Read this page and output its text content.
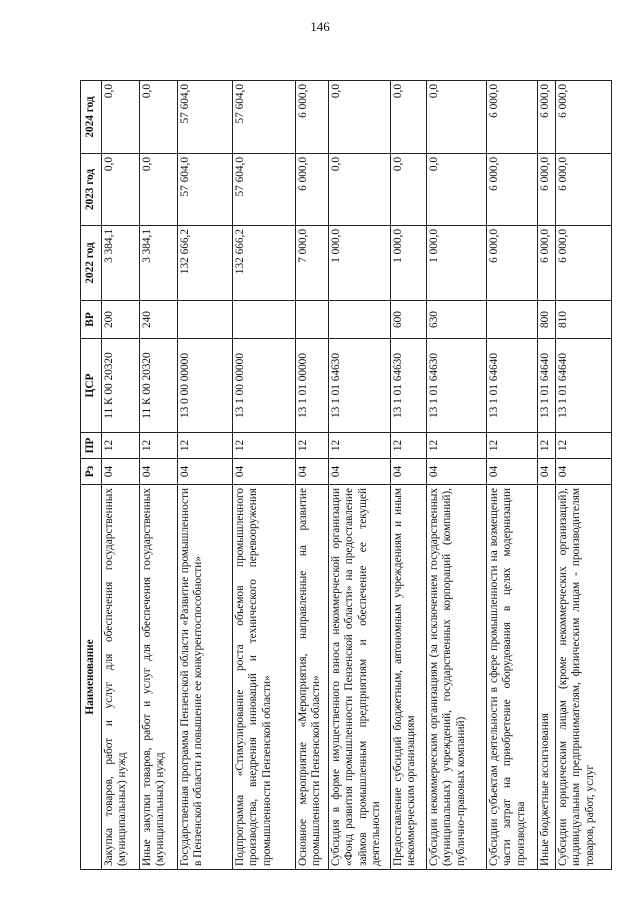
146
Наименование	Рз	ПР	ЦСР	ВР	2022 год	2023 год	2024 год
Закупка товаров, работ и услуг для обеспечения государственных (муниципальных) нужд	04	12	11 К 00 20320	200	3 384,1	0,0	0,0
Иные закупки товаров, работ и услуг для обеспечения государственных (муниципальных) нужд	04	12	11 К 00 20320	240	3 384,1	0,0	0,0
Государственная программа Пензенской области «Развитие промышленности в Пензенской области и повышение ее конкурентоспособности»	04	12	13 0 00 00000		132 666,2	57 604,0	57 604,0
Подпрограмма «Стимулирование роста объемов промышленного производства, внедрения инноваций и технического перевооружения промышленности Пензенской области»	04	12	13 1 00 00000		132 666,2	57 604,0	57 604,0
Основное мероприятие «Мероприятия, направленные на развитие промышленности Пензенской области»	04	12	13 1 01 00000		7 000,0	6 000,0	6 000,0
Субсидия в форме имущественного взноса некоммерческой организации «Фонд развития промышленности Пензенской области» на предоставление займов промышленным предприятиям и обеспечение ее текущей деятельности	04	12	13 1 01 64630		1 000,0	0,0	0,0
Предоставление субсидий бюджетным, автономным учреждениям и иным некоммерческим организациям	04	12	13 1 01 64630	600	1 000,0	0,0	0,0
Субсидии некоммерческим организациям (за исключением государственных (муниципальных) учреждений, государственных корпораций (компаний), публично-правовых компаний)	04	12	13 1 01 64630	630	1 000,0	0,0	0,0
Субсидии субъектам деятельности в сфере промышленности на возмещение части затрат на приобретение оборудования в целях модернизации производства	04	12	13 1 01 64640		6 000,0	6 000,0	6 000,0
Иные бюджетные ассигнования	04	12	13 1 01 64640	800	6 000,0	6 000,0	6 000,0
Субсидии юридическим лицам (кроме некоммерческих организаций), индивидуальным предпринимателям, физическим лицам - производителям товаров, работ, услуг	04	12	13 1 01 64640	810	6 000,0	6 000,0	6 000,0
